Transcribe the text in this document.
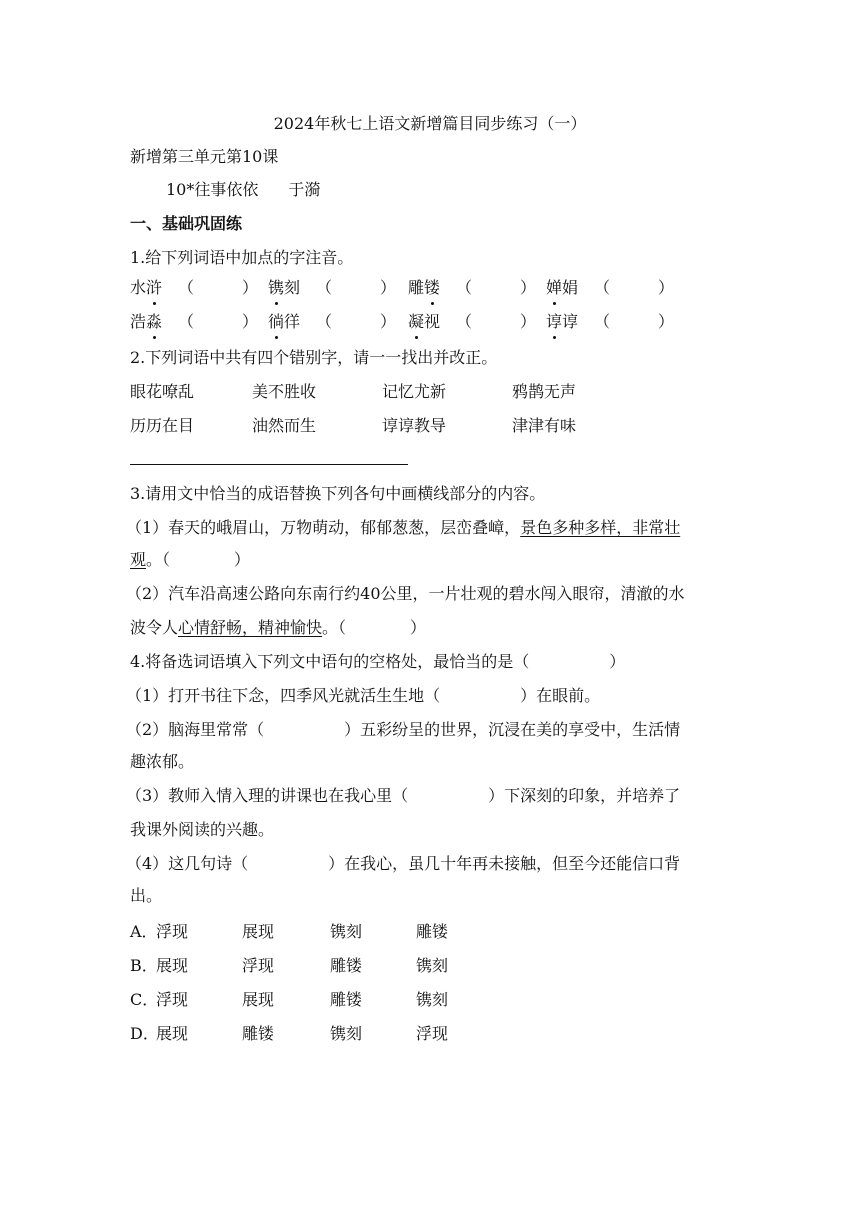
2024年秋七上语文新增篇目同步练习（一）
新增第三单元第10课
10*往事依依 于漪
一、基础巩固练
1.给下列词语中加点的字注音。
水浒 （　　　） 镌刻 （　　　） 雕镂 （　　　） 婵娟 （　　　）
浩淼 （　　　） 徜徉 （　　　） 凝视 （　　　） 谆谆 （　　　）
2.下列词语中共有四个错别字，请一一找出并改正。
眼花嘹乱	美不胜收	记忆尤新	鸦鹊无声
历历在目	油然而生	谆谆教导	津津有味
3.请用文中恰当的成语替换下列各句中画横线部分的内容。
（1）春天的峨眉山，万物萌动，郁郁葱葱，层峦叠嶂，景色多种多样，非常壮
观。（　　　　）
（2）汽车沿高速公路向东南行约40公里，一片壮观的碧水闯入眼帘，清澈的水
波令人心情舒畅，精神愉快。（　　　　）
4.将备选词语填入下列文中语句的空格处，最恰当的是（　　　　　）
（1）打开书往下念，四季风光就活生生地（　　　　　）在眼前。
（2）脑海里常常（　　　　　）五彩纷呈的世界，沉浸在美的享受中，生活情
趣浓郁。
（3）教师入情入理的讲课也在我心里（　　　　　）下深刻的印象，并培养了
我课外阅读的兴趣。
（4）这几句诗（　　　　　）在我心，虽几十年再未接触，但至今还能信口背
出。
A．
浮现	展现	镌刻	雕镂
B．
展现	浮现	雕镂	镌刻
C．
浮现	展现	雕镂	镌刻
D．
展现	雕镂	镌刻	浮现
